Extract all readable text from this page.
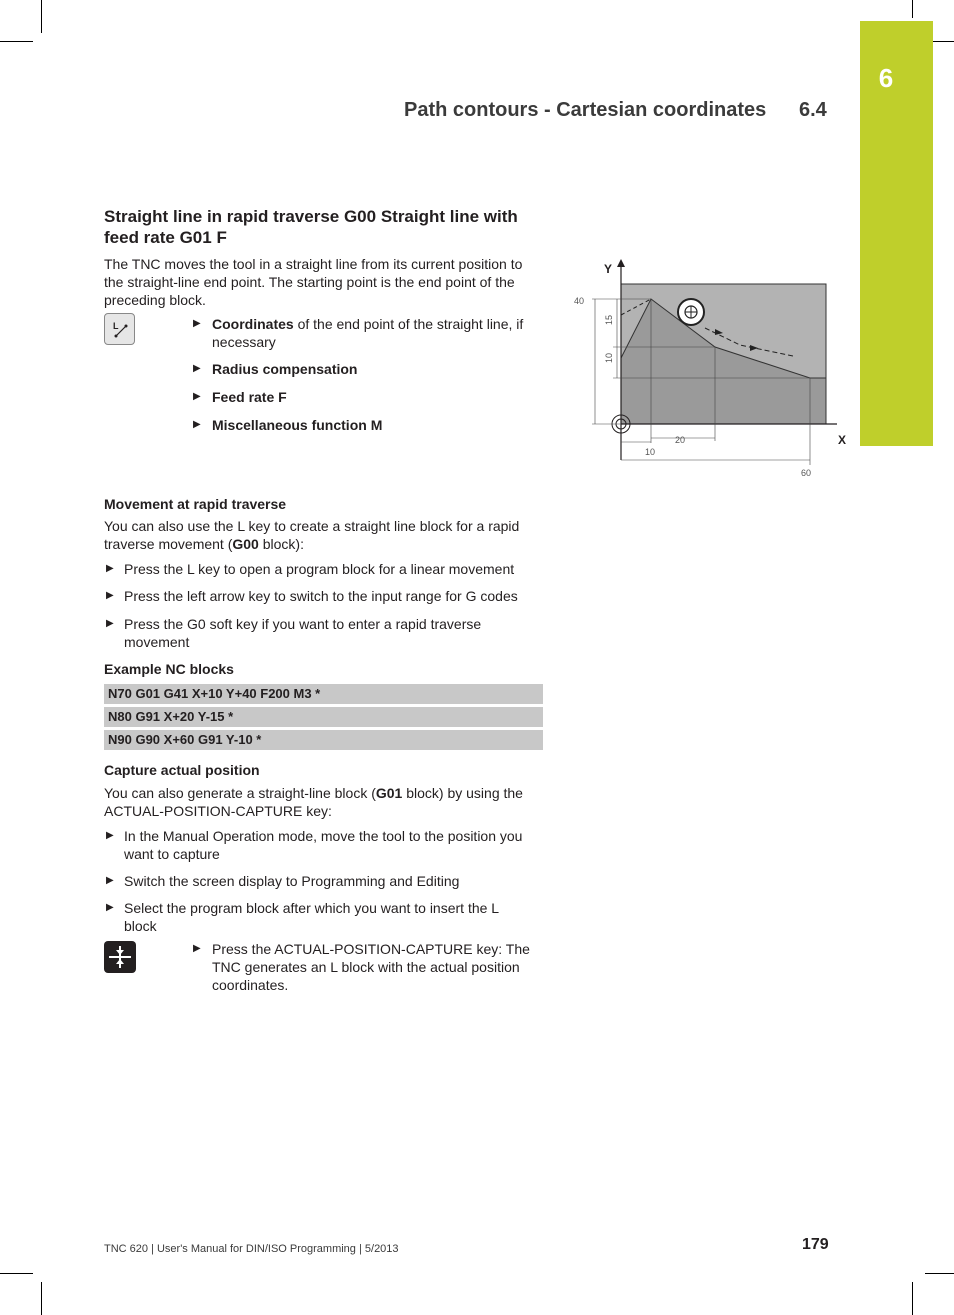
6
Path contours - Cartesian coordinates 6.4
Straight line in rapid traverse G00 Straight line with feed rate G01 F
The TNC moves the tool in a straight line from its current position to the straight-line end point. The starting point is the end point of the preceding block.
L	▶ Coordinates of the end point of the straight line, if necessary
▶ Radius compensation
▶ Feed rate F
▶ Miscellaneous function M
Y
X
40
15
10
20
10
60
Movement at rapid traverse
You can also use the L key to create a straight line block for a rapid traverse movement (G00 block):
▶ Press the L key to open a program block for a linear movement
▶ Press the left arrow key to switch to the input range for G codes
▶ Press the G0 soft key if you want to enter a rapid traverse movement
Example NC blocks
N70 G01 G41 X+10 Y+40 F200 M3 *
N80 G91 X+20 Y-15 *
N90 G90 X+60 G91 Y-10 *
Capture actual position
You can also generate a straight-line block (G01 block) by using the ACTUAL-POSITION-CAPTURE key:
▶ In the Manual Operation mode, move the tool to the position you want to capture
▶ Switch the screen display to Programming and Editing
▶ Select the program block after which you want to insert the L block
▶ Press the ACTUAL-POSITION-CAPTURE key: The TNC generates an L block with the actual position coordinates.
TNC 620 | User's Manual for DIN/ISO Programming | 5/2013	179
